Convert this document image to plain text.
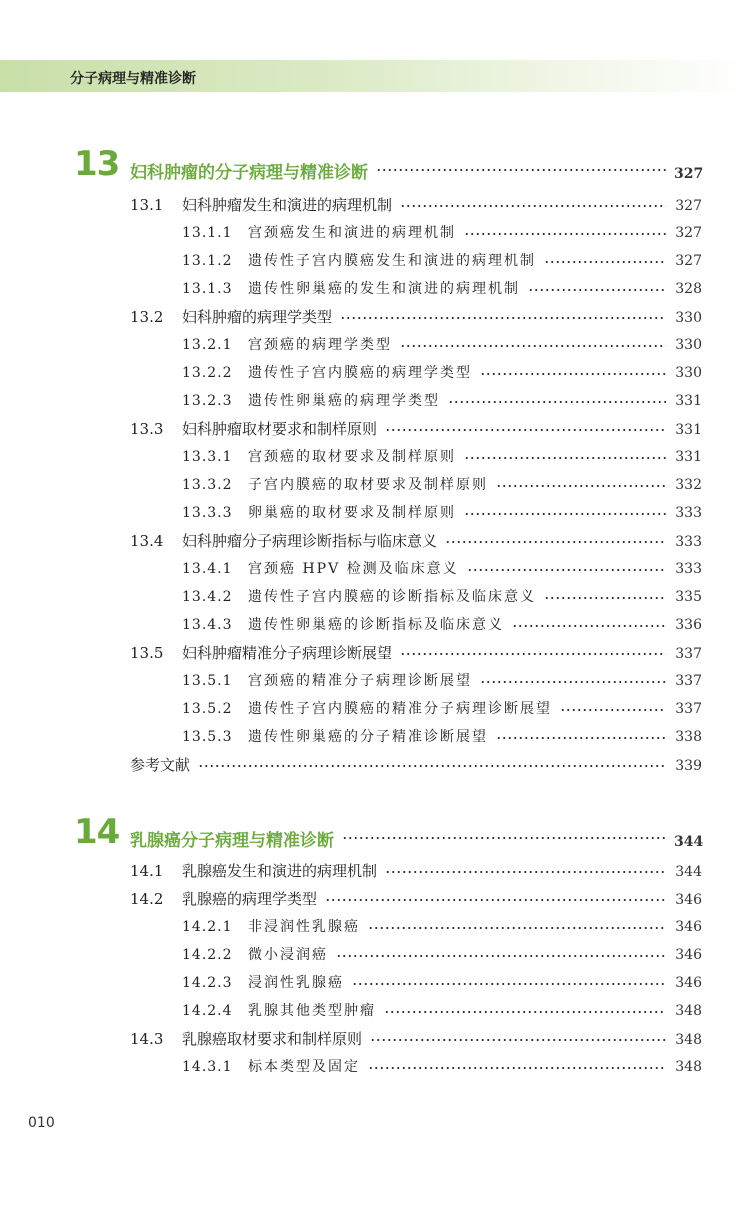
分子病理与精准诊断
13 妇科肿瘤的分子病理与精准诊断	327
13.1	妇科肿瘤发生和演进的病理机制	327
13.1.1	宫颈癌发生和演进的病理机制	327
13.1.2	遗传性子宫内膜癌发生和演进的病理机制	327
13.1.3	遗传性卵巢癌的发生和演进的病理机制	328
13.2	妇科肿瘤的病理学类型	330
13.2.1	宫颈癌的病理学类型	330
13.2.2	遗传性子宫内膜癌的病理学类型	330
13.2.3	遗传性卵巢癌的病理学类型	331
13.3	妇科肿瘤取材要求和制样原则	331
13.3.1	宫颈癌的取材要求及制样原则	331
13.3.2	子宫内膜癌的取材要求及制样原则	332
13.3.3	卵巢癌的取材要求及制样原则	333
13.4	妇科肿瘤分子病理诊断指标与临床意义	333
13.4.1	宫颈癌 HPV 检测及临床意义	333
13.4.2	遗传性子宫内膜癌的诊断指标及临床意义	335
13.4.3	遗传性卵巢癌的诊断指标及临床意义	336
13.5	妇科肿瘤精准分子病理诊断展望	337
13.5.1	宫颈癌的精准分子病理诊断展望	337
13.5.2	遗传性子宫内膜癌的精准分子病理诊断展望	337
13.5.3	遗传性卵巢癌的分子精准诊断展望	338
参考文献	339
14 乳腺癌分子病理与精准诊断	344
14.1	乳腺癌发生和演进的病理机制	344
14.2	乳腺癌的病理学类型	346
14.2.1	非浸润性乳腺癌	346
14.2.2	微小浸润癌	346
14.2.3	浸润性乳腺癌	346
14.2.4	乳腺其他类型肿瘤	348
14.3	乳腺癌取材要求和制样原则	348
14.3.1	标本类型及固定	348
010
